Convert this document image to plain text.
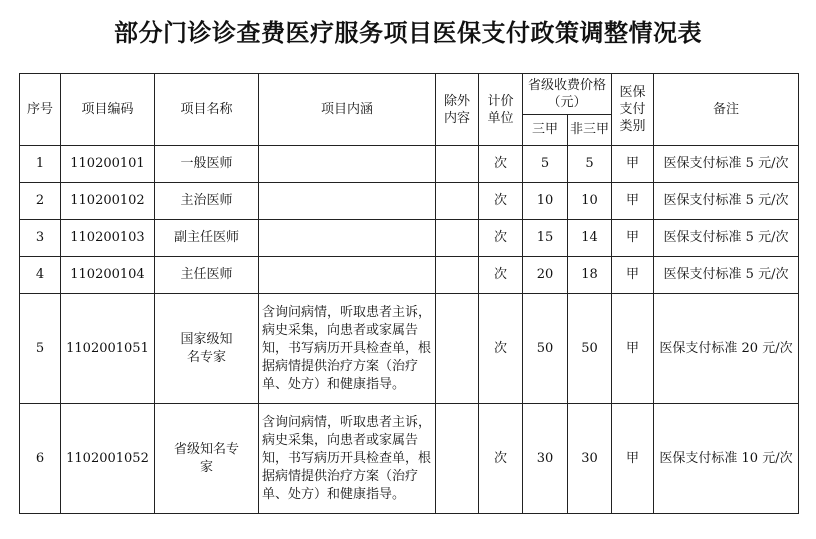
部分门诊诊查费医疗服务项目医保支付政策调整情况表
序号	项目编码	项目名称	项目内涵	除外内容	计价单位	省级收费价格（元）		医保支付类别	备注
						三甲	非三甲		
1	110200101	一般医师			次	5	5	甲	医保支付标准 5 元/次
2	110200102	主治医师			次	10	10	甲	医保支付标准 5 元/次
3	110200103	副主任医师			次	15	14	甲	医保支付标准 5 元/次
4	110200104	主任医师			次	20	18	甲	医保支付标准 5 元/次
5	1102001051	国家级知名专家	含询问病情，听取患者主诉，病史采集，向患者或家属告知，书写病历开具检查单，根据病情提供治疗方案（治疗单、处方）和健康指导。		次	50	50	甲	医保支付标准 20 元/次
6	1102001052	省级知名专家	含询问病情，听取患者主诉，病史采集，向患者或家属告知，书写病历开具检查单，根据病情提供治疗方案（治疗单、处方）和健康指导。		次	30	30	甲	医保支付标准 10 元/次
